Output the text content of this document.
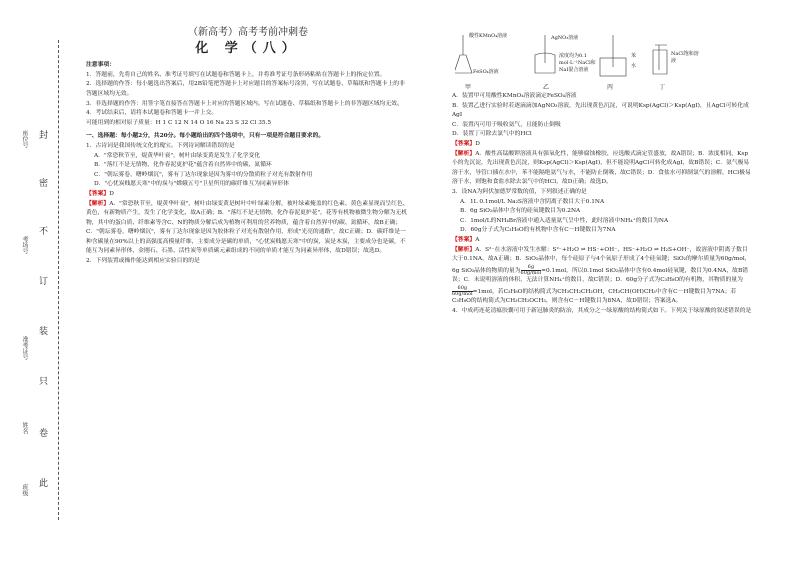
封
密
不
订
装
只
卷
此
座位号
考场号
准考证号
姓名
班级
（新高考）高考考前冲刺卷
化 学（八）

注意事项：

1．答题前，先将自己的姓名、准考证号填写在试题卷和答题卡上，并将准考证号条形码粘贴在答题卡上的指定位置。

2．选择题的作答：每小题选出答案后，用2B铅笔把答题卡上对应题目的答案标号涂黑，写在试题卷、草稿纸和答题卡上的非答题区域均无效。

3．非选择题的作答：用签字笔直接答在答题卡上对应的答题区域内。写在试题卷、草稿纸和答题卡上的非答题区域均无效。

4．考试结束后，请将本试题卷和答题卡一并上交。

可能用到的相对原子质量：H 1 C 12 N 14 O 16 Na 23 S 32 Cl 35.5

一、选择题：每小题2分，共20分。每小题给出的四个选项中，只有一项是符合题目要求的。

1．古诗词是我国传统文化的瑰宝。下列诗词解读错误的是

A．"常恐秋节至，焜黄华叶衰"，树叶由绿变黄是发生了化学变化

B．"落红不是无情物，化作春泥更护花"蕴含着自然界中的碳、氮循环

C．"朝坛雾卷，曙岭烟沉"，雾有丁达尔现象是因为雾中的分散质粒子对光有散射作用

D．"心忧炭贱愿天寒"中的炭与"嫦娥五号"卫星所用的碳纤维互为同素异形体

【答案】D

【解析】A．"常恐秋节至，焜黄华叶衰"，树叶由绿变黄是树叶中叶绿素分解，被叶绿素掩盖的红色素、黄色素显现而呈红色、黄色，有新物质产生，发生了化学变化，故A正确；B．"落红不是无情物，化作春泥更护花"，花等有机物被微生物分解为无机物，其中的蛋白质、纤维素等含C、N的物质分解后成为植物可利用的营养物质，蕴含着自然界中的碳、氮循环，故B正确；C．"朝坛雾卷，曙岭烟沉"，雾有丁达尔现象是因为胶体粒子对光有散射作用，形成"光亮的通路"，故C正确；D．碳纤维是一种含碳量在90%以上的高强度高模量纤维，主要成分是碳的单质，"心忧炭贱愿天寒"中的炭，炭是木炭，主要成分也是碳，不能互为同素异形体，金刚石、石墨、活性炭等单质碳元素组成的不同的单质才能互为同素异形体，故D错误；故选D。

2．下列装置或操作能达到相应实验目的的是

酸性KMnO₄溶液
FeSO₄溶液
AgNO₃溶液
浓度均为0.1 mol·L⁻¹NaCl和NaI混合溶液
苯
水
NaCl饱和溶液
甲	乙	丙	丁

A．装置甲可用酸性KMnO₄溶液滴定FeSO₄溶液

B．装置乙进行实验时若逐滴滴加AgNO₃溶液，先出现黄色沉淀，可说明Ksp(AgCl)＞Ksp(AgI)，且AgCl可转化成AgI

C．装置丙可用于吸收氨气，且能防止倒吸

D．装置丁可除去氯气中的HCl

【答案】D

【解析】A．酸性高锰酸钾溶液具有强氧化性，能够腐蚀橡胶，应选酸式滴定管盛放，故A错误；B．浓度相同，Ksp小的先沉淀，先出现黄色沉淀，则Ksp(AgCl)＞Ksp(AgI)，但不能说明AgCl可转化成AgI，故B错误；C．氨气极易溶于水，导管口插在水中，苯不能隔绝氨气与水，不能防止倒吸，故C错误；D．食盐水可抑制氯气的溶解，HCl极易溶于水，则饱和食盐水除去氯气中的HCl，故D正确；故选D。

3．设NA为阿伏加德罗常数的值，下列叙述正确的是

A．1L 0.1mol/L Na₂S溶液中含阴离子数目大于0.1NA

B．6g SiO₂晶体中含有的硅氧键数目为0.2NA

C．1mol/L的NH₄Br溶液中通入适量氨气呈中性，此时溶液中NH₄⁺的数目为NA

D．60g分子式为C₃H₈O的有机物中含有C－H键数目为7NA

【答案】A

【解析】A．S²⁻在水溶液中发生水解：S²⁻+H₂O ⇌ HS⁻+OH⁻、HS⁻+H₂O ⇌ H₂S+OH⁻，故溶液中阴离子数目大于0.1NA，故A正确；B．SiO₂晶体中，每个硅原子与4个氧原子形成了4个硅氧键；SiO₂的摩尔质量为60g/mol，6g SiO₂晶体的物质的量为 $\frac{6g}{\text{60g/mol}}=0.1mol$，所以0.1mol SiO₂晶体中含有0.4mol硅氧键，数目为0.4NA，故B错误；C．未说明溶液的体积，无法计算NH₄⁺的数目，故C错误；D．60g分子式为C₃H₈O的有机物，其物质的量为
$\frac{60g}{\text{60g/mol}}=1mol$，若C₃H₈O的结构简式为CH₃CH₂CH₂OH，CH₃CH(OH)CH₃中含有C－H键数目为7NA；若C₃H₈O的结构简式为CH₃CH₂OCH₃，则含有C－H键数目为8NA，故D错误；答案选A。

4．中成药连花清瘟胶囊可用于新冠肺炎的防治，其成分之一绿原酸的结构简式如下。下列关于绿原酸的叙述错误的是
